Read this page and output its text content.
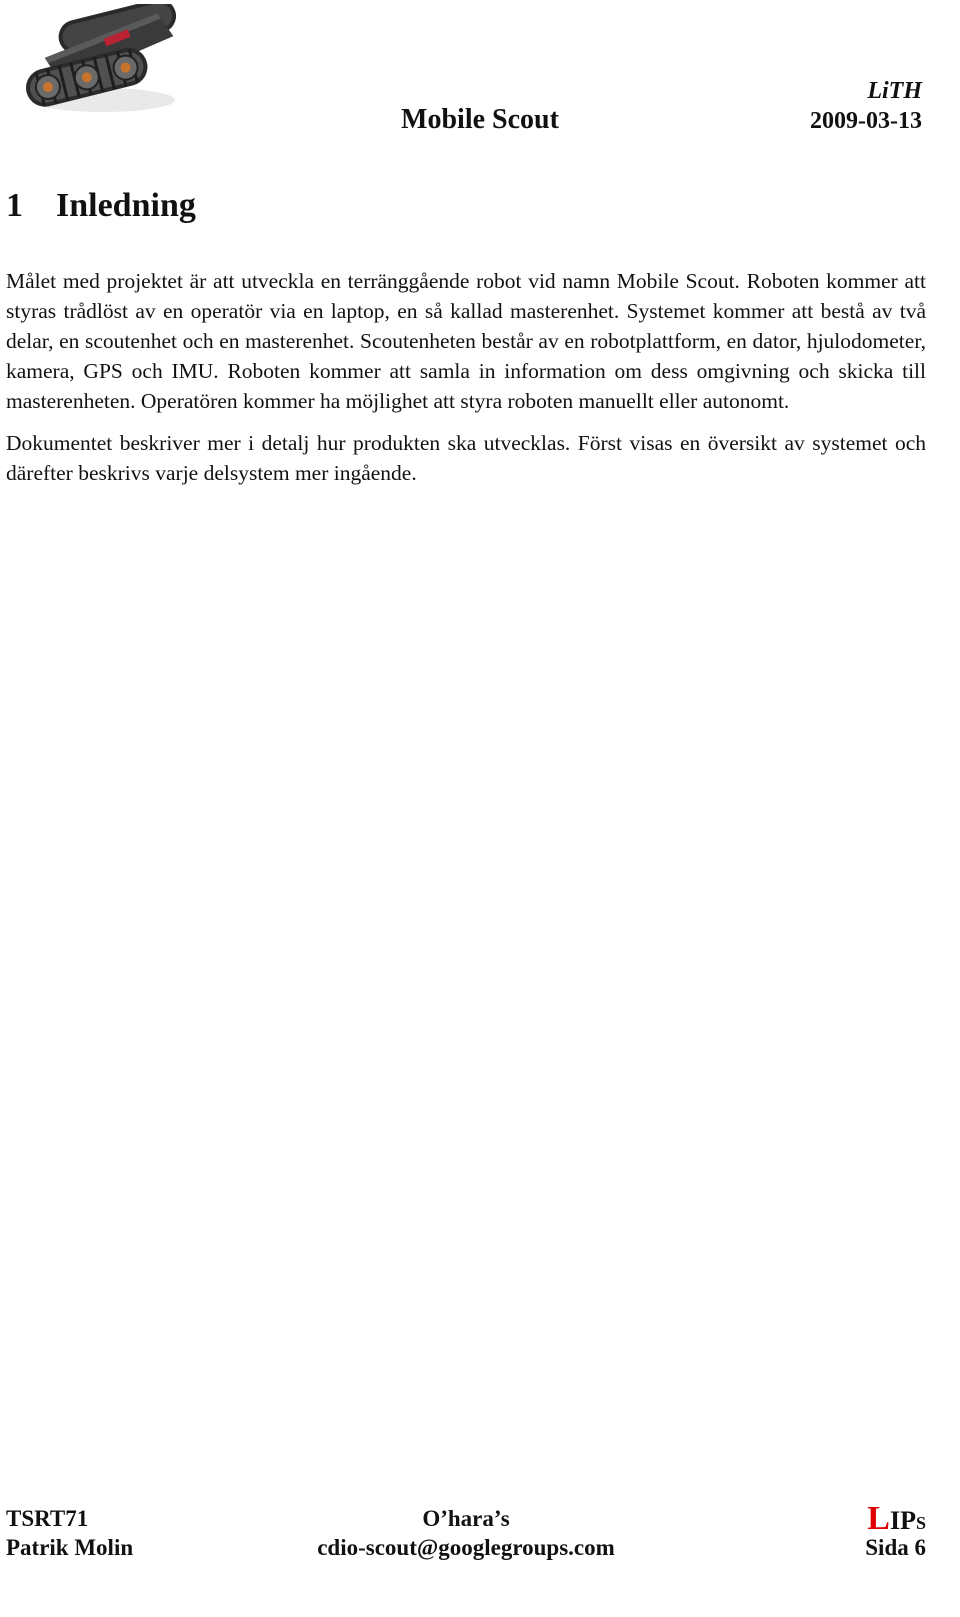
Mobile Scout
LiTH
2009-03-13
1 Inledning

Målet med projektet är att utveckla en terränggående robot vid namn Mobile Scout. Roboten kommer att styras trådlöst av en operatör via en laptop, en så kallad masterenhet. Systemet kommer att bestå av två delar, en scoutenhet och en masterenhet. Scoutenheten består av en robotplattform, en dator, hjulodometer, kamera, GPS och IMU. Roboten kommer att samla in information om dess omgivning och skicka till masterenheten. Operatören kommer ha möjlighet att styra roboten manuellt eller autonomt.

Dokumentet beskriver mer i detalj hur produkten ska utvecklas. Först visas en översikt av systemet och därefter beskrivs varje delsystem mer ingående.

TSRT71	O’hara’s	LIPs
Patrik Molin	cdio-scout@googlegroups.com	Sida 6
